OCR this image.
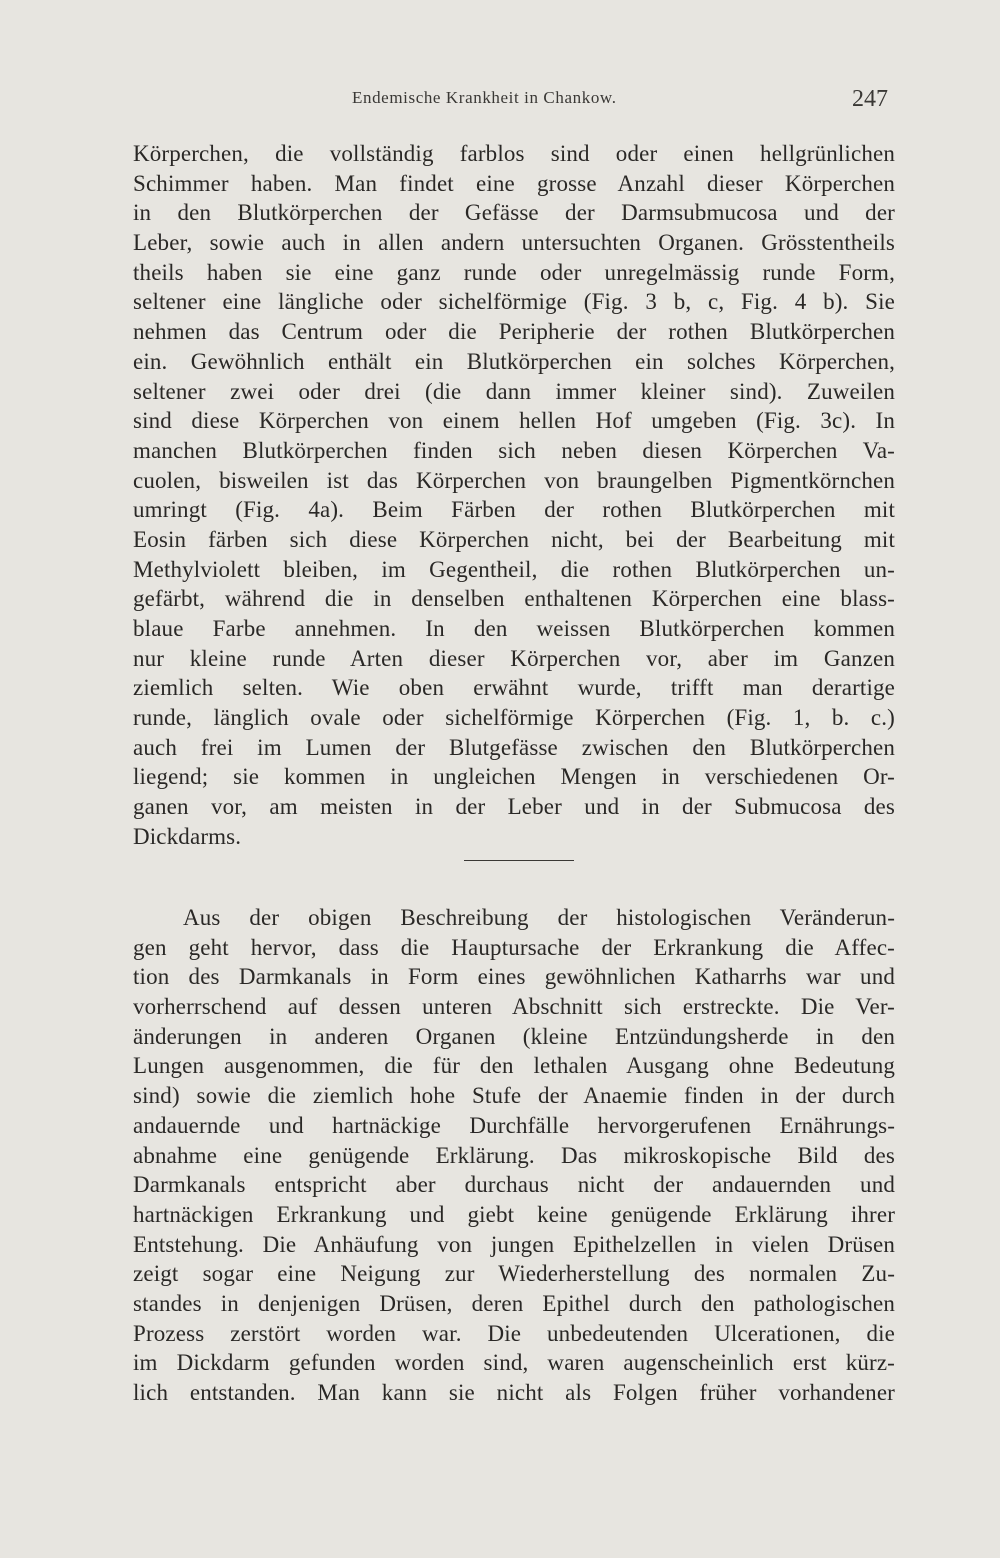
Endemische Krankheit in Chankow.	247
Körperchen, die vollständig farblos sind oder einen hellgrünlichen
Schimmer haben. Man findet eine grosse Anzahl dieser Körperchen
in den Blutkörperchen der Gefässe der Darmsubmucosa und der
Leber, sowie auch in allen andern untersuchten Organen. Grösstentheils
theils haben sie eine ganz runde oder unregelmässig runde Form,
seltener eine längliche oder sichelförmige (Fig. 3 b, c, Fig. 4 b). Sie
nehmen das Centrum oder die Peripherie der rothen Blutkörperchen
ein. Gewöhnlich enthält ein Blutkörperchen ein solches Körperchen,
seltener zwei oder drei (die dann immer kleiner sind). Zuweilen
sind diese Körperchen von einem hellen Hof umgeben (Fig. 3c). In
manchen Blutkörperchen finden sich neben diesen Körperchen Va-
cuolen, bisweilen ist das Körperchen von braungelben Pigmentkörnchen
umringt (Fig. 4a). Beim Färben der rothen Blutkörperchen mit
Eosin färben sich diese Körperchen nicht, bei der Bearbeitung mit
Methylviolett bleiben, im Gegentheil, die rothen Blutkörperchen un-
gefärbt, während die in denselben enthaltenen Körperchen eine blass-
blaue Farbe annehmen. In den weissen Blutkörperchen kommen
nur kleine runde Arten dieser Körperchen vor, aber im Ganzen
ziemlich selten. Wie oben erwähnt wurde, trifft man derartige
runde, länglich ovale oder sichelförmige Körperchen (Fig. 1, b. c.)
auch frei im Lumen der Blutgefässe zwischen den Blutkörperchen
liegend; sie kommen in ungleichen Mengen in verschiedenen Or-
ganen vor, am meisten in der Leber und in der Submucosa des
Dickdarms.
Aus der obigen Beschreibung der histologischen Veränderun-
gen geht hervor, dass die Hauptursache der Erkrankung die Affec-
tion des Darmkanals in Form eines gewöhnlichen Katharrhs war und
vorherrschend auf dessen unteren Abschnitt sich erstreckte. Die Ver-
änderungen in anderen Organen (kleine Entzündungsherde in den
Lungen ausgenommen, die für den lethalen Ausgang ohne Bedeutung
sind) sowie die ziemlich hohe Stufe der Anaemie finden in der durch
andauernde und hartnäckige Durchfälle hervorgerufenen Ernährungs-
abnahme eine genügende Erklärung. Das mikroskopische Bild des
Darmkanals entspricht aber durchaus nicht der andauernden und
hartnäckigen Erkrankung und giebt keine genügende Erklärung ihrer
Entstehung. Die Anhäufung von jungen Epithelzellen in vielen Drüsen
zeigt sogar eine Neigung zur Wiederherstellung des normalen Zu-
standes in denjenigen Drüsen, deren Epithel durch den pathologischen
Prozess zerstört worden war. Die unbedeutenden Ulcerationen, die
im Dickdarm gefunden worden sind, waren augenscheinlich erst kürz-
lich entstanden. Man kann sie nicht als Folgen früher vorhandener
